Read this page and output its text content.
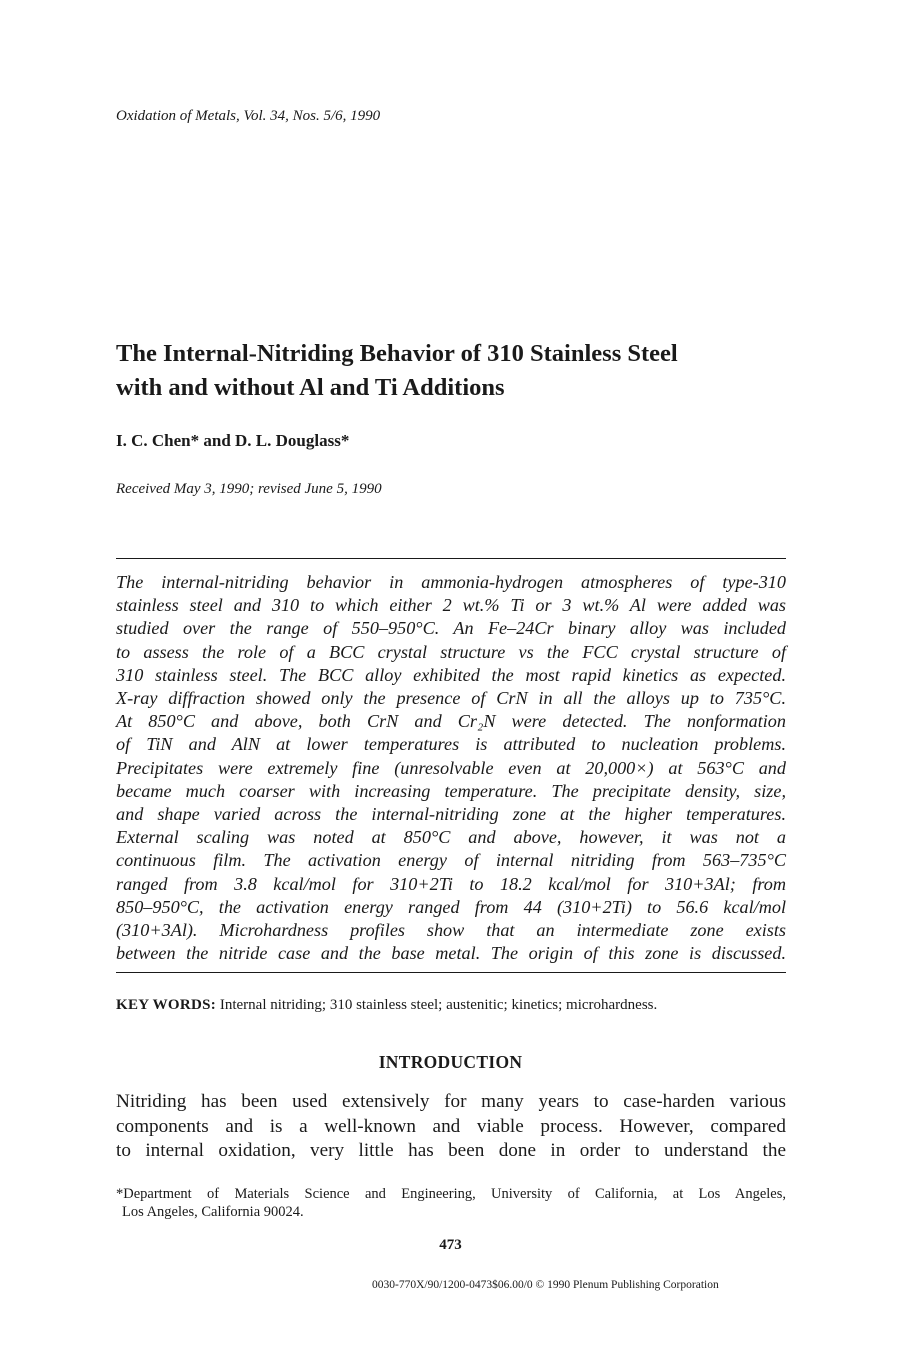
Oxidation of Metals, Vol. 34, Nos. 5/6, 1990
The Internal-Nitriding Behavior of 310 Stainless Steel
with and without Al and Ti Additions
I. C. Chen* and D. L. Douglass*
Received May 3, 1990; revised June 5, 1990
The internal-nitriding behavior in ammonia-hydrogen atmospheres of type-310
stainless steel and 310 to which either 2 wt.% Ti or 3 wt.% Al were added was
studied over the range of 550–950°C. An Fe–24Cr binary alloy was included
to assess the role of a BCC crystal structure vs the FCC crystal structure of
310 stainless steel. The BCC alloy exhibited the most rapid kinetics as expected.
X-ray diffraction showed only the presence of CrN in all the alloys up to 735°C.
At 850°C and above, both CrN and Cr₂N were detected. The nonformation
of TiN and AlN at lower temperatures is attributed to nucleation problems.
Precipitates were extremely fine (unresolvable even at 20,000×) at 563°C and
became much coarser with increasing temperature. The precipitate density, size,
and shape varied across the internal-nitriding zone at the higher temperatures.
External scaling was noted at 850°C and above, however, it was not a
continuous film. The activation energy of internal nitriding from 563–735°C
ranged from 3.8 kcal/mol for 310+2Ti to 18.2 kcal/mol for 310+3Al; from
850–950°C, the activation energy ranged from 44 (310+2Ti) to 56.6 kcal/mol
(310+3Al). Microhardness profiles show that an intermediate zone exists
between the nitride case and the base metal. The origin of this zone is discussed.
KEY WORDS: Internal nitriding; 310 stainless steel; austenitic; kinetics; microhardness.
INTRODUCTION
Nitriding has been used extensively for many years to case-harden various
components and is a well-known and viable process. However, compared
to internal oxidation, very little has been done in order to understand the
*Department of Materials Science and Engineering, University of California, at Los Angeles,
Los Angeles, California 90024.
473
0030-770X/90/1200-0473$06.00/0 © 1990 Plenum Publishing Corporation
